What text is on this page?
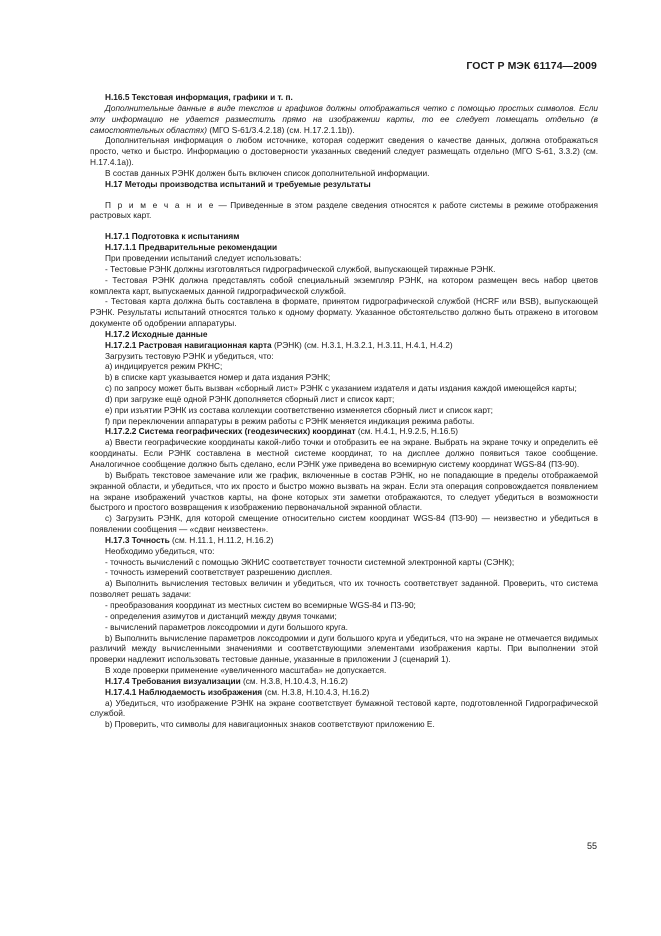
ГОСТ Р МЭК 61174—2009

Н.16.5 Текстовая информация, графики и т. п.

Дополнительные данные в виде текстов и графиков должны отображаться четко с помощью простых символов. Если эту информацию не удается разместить прямо на изображении карты, то ее следует помещать отдельно (в самостоятельных областях) (МГО S-61/3.4.2.18) (см. Н.17.2.1.1b)).

Дополнительная информация о любом источнике, которая содержит сведения о качестве данных, должна отображаться просто, четко и быстро. Информацию о достоверности указанных сведений следует размещать отдельно (МГО S-61, 3.3.2) (см. Н.17.4.1a)).

В состав данных РЭНК должен быть включен список дополнительной информации.

Н.17 Методы производства испытаний и требуемые результаты

П р и м е ч а н и е — Приведенные в этом разделе сведения относятся к работе системы в режиме отображения растровых карт.

Н.17.1 Подготовка к испытаниям

Н.17.1.1 Предварительные рекомендации

При проведении испытаний следует использовать:

- Тестовые РЭНК должны изготовляться гидрографической службой, выпускающей тиражные РЭНК.

- Тестовая РЭНК должна представлять собой специальный экземпляр РЭНК, на котором размещен весь набор цветов комплекта карт, выпускаемых данной гидрографической службой.

- Тестовая карта должна быть составлена в формате, принятом гидрографической службой (HCRF или BSB), выпускающей РЭНК. Результаты испытаний относятся только к одному формату. Указанное обстоятельство должно быть отражено в итоговом документе об одобрении аппаратуры.

Н.17.2 Исходные данные

Н.17.2.1 Растровая навигационная карта (РЭНК) (см. Н.3.1, Н.3.2.1, Н.3.11, Н.4.1, Н.4.2)

Загрузить тестовую РЭНК и убедиться, что:

a) индицируется режим РКНС;

b) в списке карт указывается номер и дата издания РЭНК;

c) по запросу может быть вызван «сборный лист» РЭНК с указанием издателя и даты издания каждой имеющейся карты;

d) при загрузке ещё одной РЭНК дополняется сборный лист и список карт;

e) при изъятии РЭНК из состава коллекции соответственно изменяется сборный лист и список карт;

f) при переключении аппаратуры в режим работы с РЭНК меняется индикация режима работы.

Н.17.2.2 Система географических (геодезических) координат (см. Н.4.1, Н.9.2.5, Н.16.5)

a) Ввести географические координаты какой-либо точки и отобразить ее на экране. Выбрать на экране точку и определить её координаты. Если РЭНК составлена в местной системе координат, то на дисплее должно появиться такое сообщение. Аналогичное сообщение должно быть сделано, если РЭНК уже приведена во всемирную систему координат WGS-84 (ПЗ-90).

b) Выбрать текстовое замечание или же график, включенные в состав РЭНК, но не попадающие в пределы отображаемой экранной области, и убедиться, что их просто и быстро можно вызвать на экран. Если эта операция сопровождается появлением на экране изображений участков карты, на фоне которых эти заметки отображаются, то следует убедиться в возможности быстрого и простого возвращения к изображению первоначальной экранной области.

c) Загрузить РЭНК, для которой смещение относительно систем координат WGS-84 (ПЗ-90) — неизвестно и убедиться в появлении сообщения — «сдвиг неизвестен».

Н.17.3 Точность (см. Н.11.1, Н.11.2, Н.16.2)

Необходимо убедиться, что:

- точность вычислений с помощью ЭКНИС соответствует точности системной электронной карты (СЭНК);

- точность измерений соответствует разрешению дисплея.

a) Выполнить вычисления тестовых величин и убедиться, что их точность соответствует заданной. Проверить, что система позволяет решать задачи:

- преобразования координат из местных систем во всемирные WGS-84 и ПЗ-90;

- определения азимутов и дистанций между двумя точками;

- вычислений параметров локсодромии и дуги большого круга.

b) Выполнить вычисление параметров локсодромии и дуги большого круга и убедиться, что на экране не отмечается видимых различий между вычисленными значениями и соответствующими элементами изображения карты. При выполнении этой проверки надлежит использовать тестовые данные, указанные в приложении J (сценарий 1).

В ходе проверки применение «увеличенного масштаба» не допускается.

Н.17.4 Требования визуализации (см. Н.3.8, Н.10.4.3, Н.16.2)

Н.17.4.1 Наблюдаемость изображения (см. Н.3.8, Н.10.4.3, Н.16.2)

a) Убедиться, что изображение РЭНК на экране соответствует бумажной тестовой карте, подготовленной Гидрографической службой.

b) Проверить, что символы для навигационных знаков соответствуют приложению Е.

55
